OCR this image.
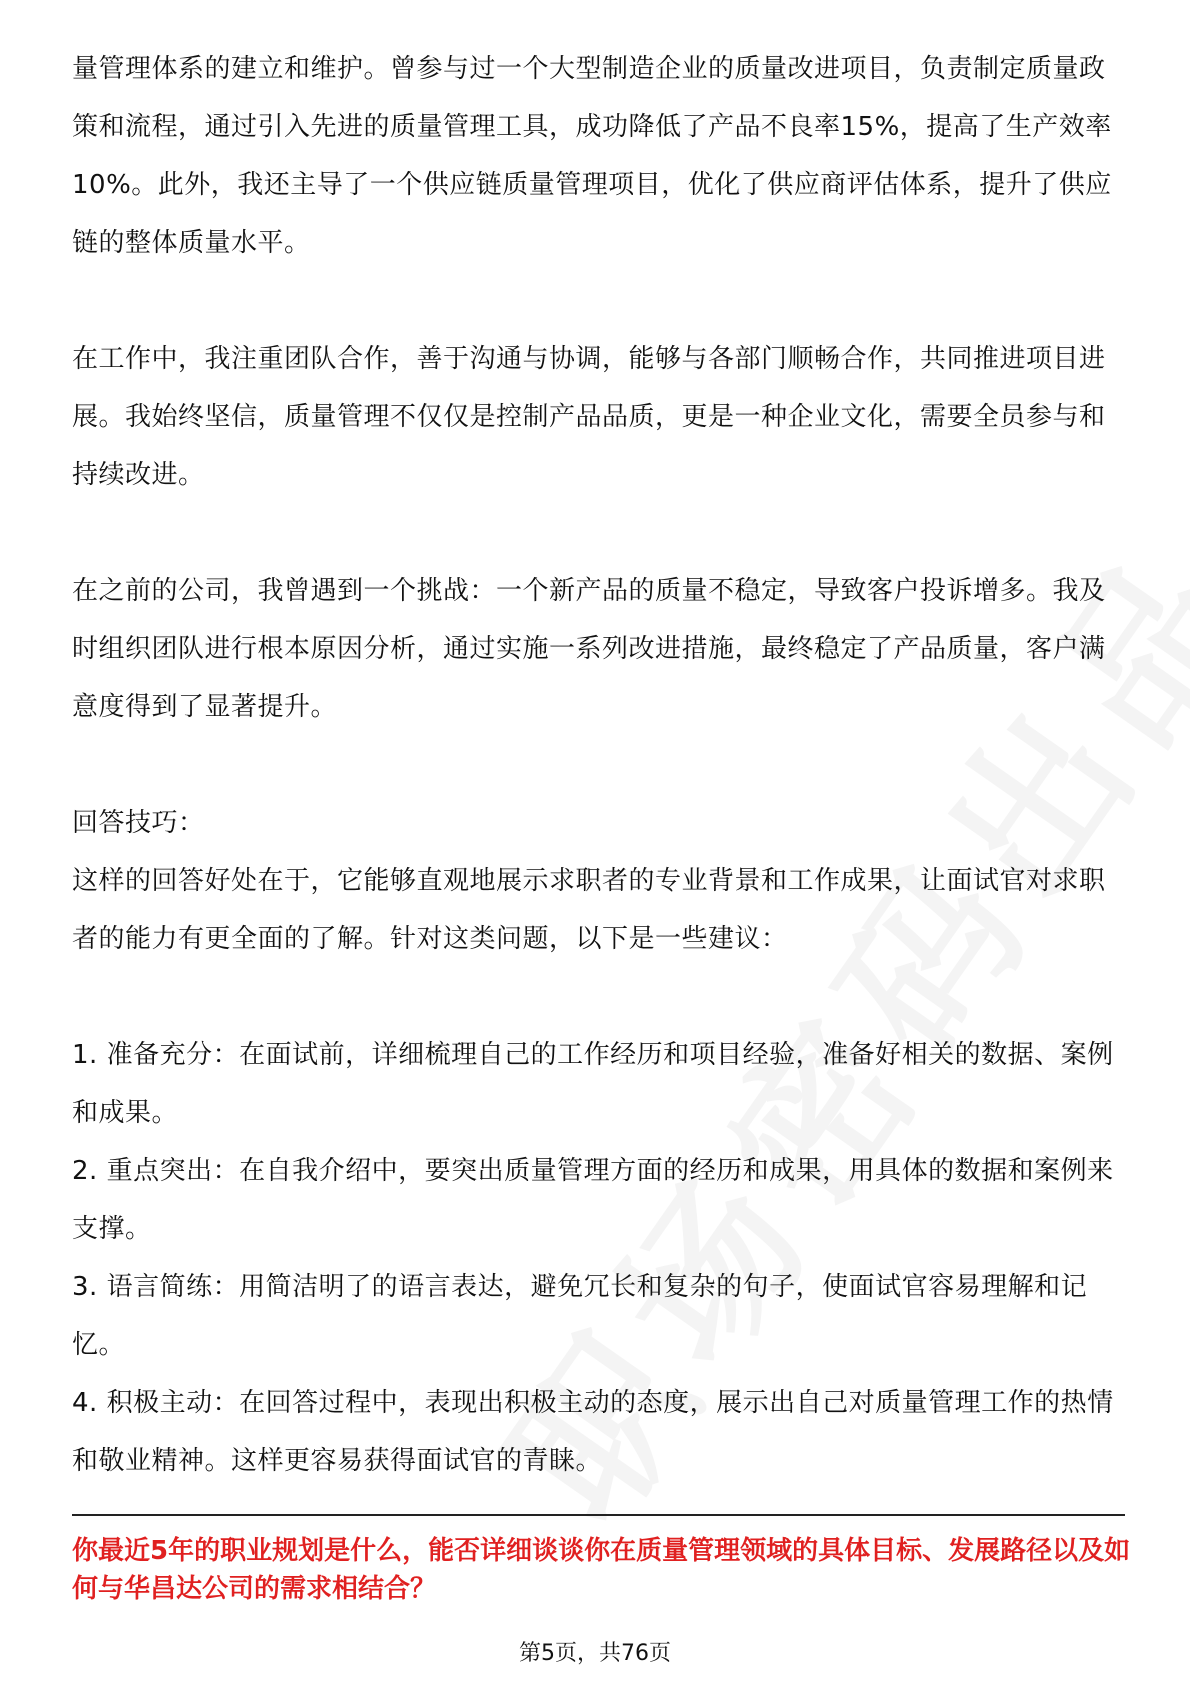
量管理体系的建立和维护。曾参与过一个大型制造企业的质量改进项目，负责制定质量政策和流程，通过引入先进的质量管理工具，成功降低了产品不良率15%，提高了生产效率10%。此外，我还主导了一个供应链质量管理项目，优化了供应商评估体系，提升了供应链的整体质量水平。

在工作中，我注重团队合作，善于沟通与协调，能够与各部门顺畅合作，共同推进项目进展。我始终坚信，质量管理不仅仅是控制产品品质，更是一种企业文化，需要全员参与和持续改进。

在之前的公司，我曾遇到一个挑战：一个新产品的质量不稳定，导致客户投诉增多。我及时组织团队进行根本原因分析，通过实施一系列改进措施，最终稳定了产品质量，客户满意度得到了显著提升。

回答技巧：

这样的回答好处在于，它能够直观地展示求职者的专业背景和工作成果，让面试官对求职者的能力有更全面的了解。针对这类问题，以下是一些建议：

1. 准备充分：在面试前，详细梳理自己的工作经历和项目经验，准备好相关的数据、案例和成果。

2. 重点突出：在自我介绍中，要突出质量管理方面的经历和成果，用具体的数据和案例来支撑。

3. 语言简练：用简洁明了的语言表达，避免冗长和复杂的句子，使面试官容易理解和记忆。

4. 积极主动：在回答过程中，表现出积极主动的态度，展示出自己对质量管理工作的热情和敬业精神。这样更容易获得面试官的青睐。

你最近5年的职业规划是什么，能否详细谈谈你在质量管理领域的具体目标、发展路径以及如何与华昌达公司的需求相结合？

第5页，共76页
